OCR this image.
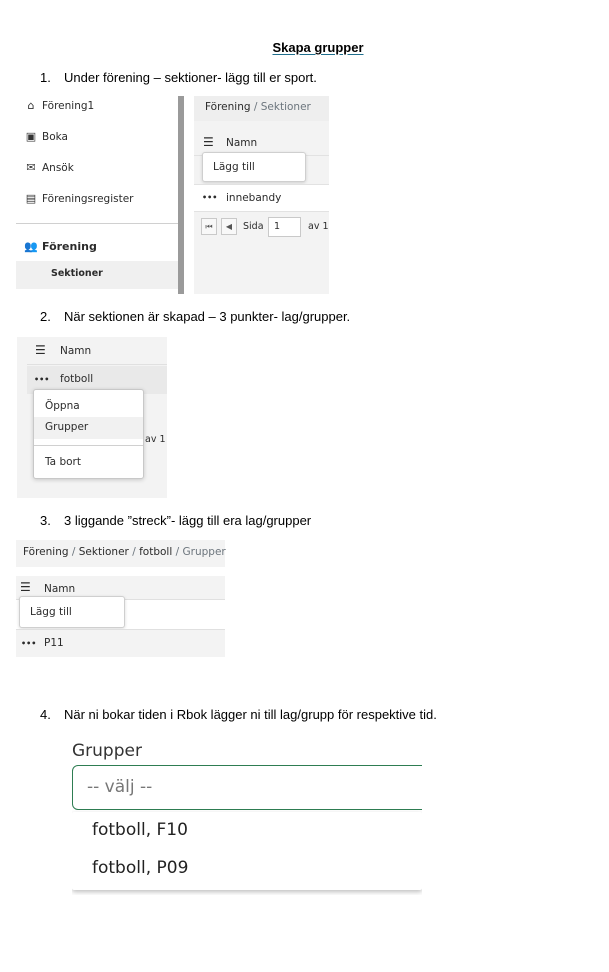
Skapa grupper
1. Under förening – sektioner- lägg till er sport.
⌂ Förening1
▣ Boka
✉ Ansök
▤ Föreningsregister
👥 Förening
Sektioner
Förening / Sektioner
☰ Namn
Lägg till
••• innebandy
⏮	◀	Sida	1	av 1
2. När sektionen är skapad – 3 punkter- lag/grupper.
☰ Namn
••• fotboll
av 1
Öppna
Grupper
Ta bort
3. 3 liggande ”streck”- lägg till era lag/grupper
Förening / Sektioner / fotboll / Grupper
☰ Namn
Lägg till
••• P11
4. När ni bokar tiden i Rbok lägger ni till lag/grupp för respektive tid.
Grupper
-- välj --
fotboll, F10
fotboll, P09
